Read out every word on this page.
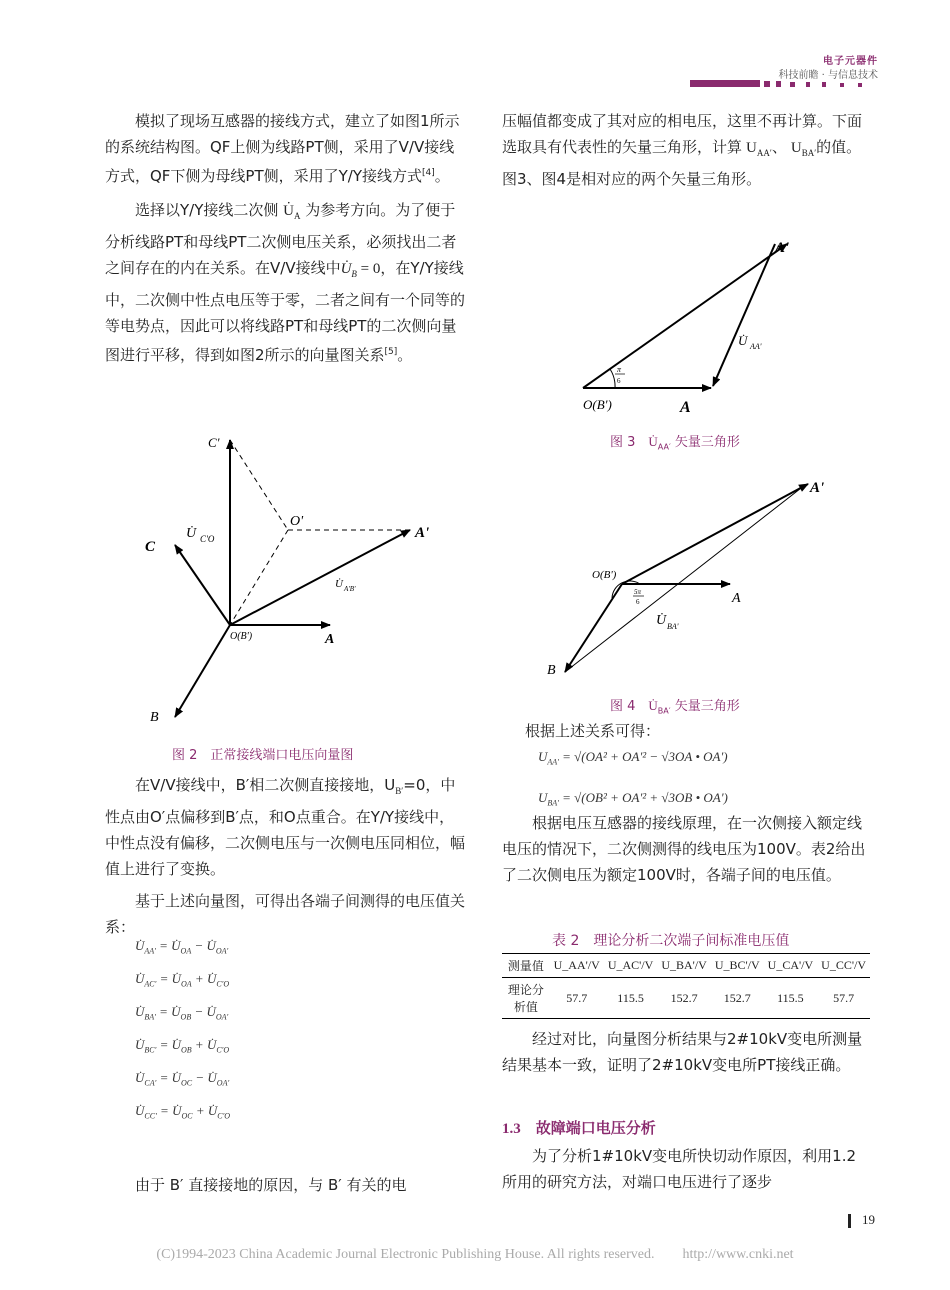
电子元器件
科技前瞻 · 与信息技术

模拟了现场互感器的接线方式，建立了如图1所示的系统结构图。QF上侧为线路PT侧，采用了V/V接线方式，QF下侧为母线PT侧，采用了Y/Y接线方式[4]。

选择以Y/Y接线二次侧 $U̇_A$ 为参考方向。为了便于分析线路PT和母线PT二次侧电压关系，必须找出二者之间存在的内在关系。在V/V接线中$U̇_B = 0$，在Y/Y接线中，二次侧中性点电压等于零，二者之间有一个同等的等电势点，因此可以将线路PT和母线PT的二次侧向量图进行平移，得到如图2所示的向量图关系[5]。

C'
C
O'
A'
U̇ C'O
U̇ A'B'
O(B')	A
B
图 2　正常接线端口电压向量图

在V/V接线中，B′相二次侧直接接地，$U_{B'}=0$，中性点由O′点偏移到B′点，和O点重合。在Y/Y接线中，中性点没有偏移，二次侧电压与一次侧电压同相位，幅值上进行了变换。

基于上述向量图，可得出各端子间测得的电压值关系：

$U̇_{AA'}$ = $U̇_{OA}$ − $U̇_{OA'}$
$U̇_{AC'}$ = $U̇_{OA}$ + $U̇_{C'O}$
$U̇_{BA'}$ = $U̇_{OB}$ − $U̇_{OA'}$
$U̇_{BC'}$ = $U̇_{OB}$ + $U̇_{C'O}$
$U̇_{CA'}$ = $U̇_{OC}$ − $U̇_{OA'}$
$U̇_{CC'}$ = $U̇_{OC}$ + $U̇_{C'O}$

由于 B′ 直接接地的原因，与 B′ 有关的电

压幅值都变成了其对应的相电压，这里不再计算。下面选取具有代表性的矢量三角形，计算 $U_{AA'}$、 $U_{BA'}$的值。图3、图4是相对应的两个矢量三角形。

A'
U̇ AA'
π
6
O(B')	A
图 3　$U̇_{AA'}$ 矢量三角形
A'
O(B')
5π
6	A
U̇ BA'
B
图 4　$U̇_{BA'}$ 矢量三角形
根据上述关系可得：
$U_{AA'} = √(OA^2 + OA'^2 - √3OA$ • OA')
$U_{BA'} = √(OB^2 + OA'^2 + √3OB$ • OA')

根据电压互感器的接线原理，在一次侧接入额定线电压的情况下，二次侧测得的线电压为100V。表2给出了二次侧电压为额定100V时，各端子间的电压值。

表 2　理论分析二次端子间标准电压值
测量值	U_AA'/V	U_AC'/V	U_BA'/V	U_BC'/V	U_CA'/V	U_CC'/V
理论分析值	57.7	115.5	152.7	152.7	115.5	57.7

经过对比，向量图分析结果与2#10kV变电所测量结果基本一致，证明了2#10kV变电所PT接线正确。

1.3　故障端口电压分析

为了分析1#10kV变电所快切动作原因，利用1.2所用的研究方法，对端口电压进行了逐步

19
(C)1994-2023 China Academic Journal Electronic Publishing House. All rights reserved.　　http://www.cnki.net
